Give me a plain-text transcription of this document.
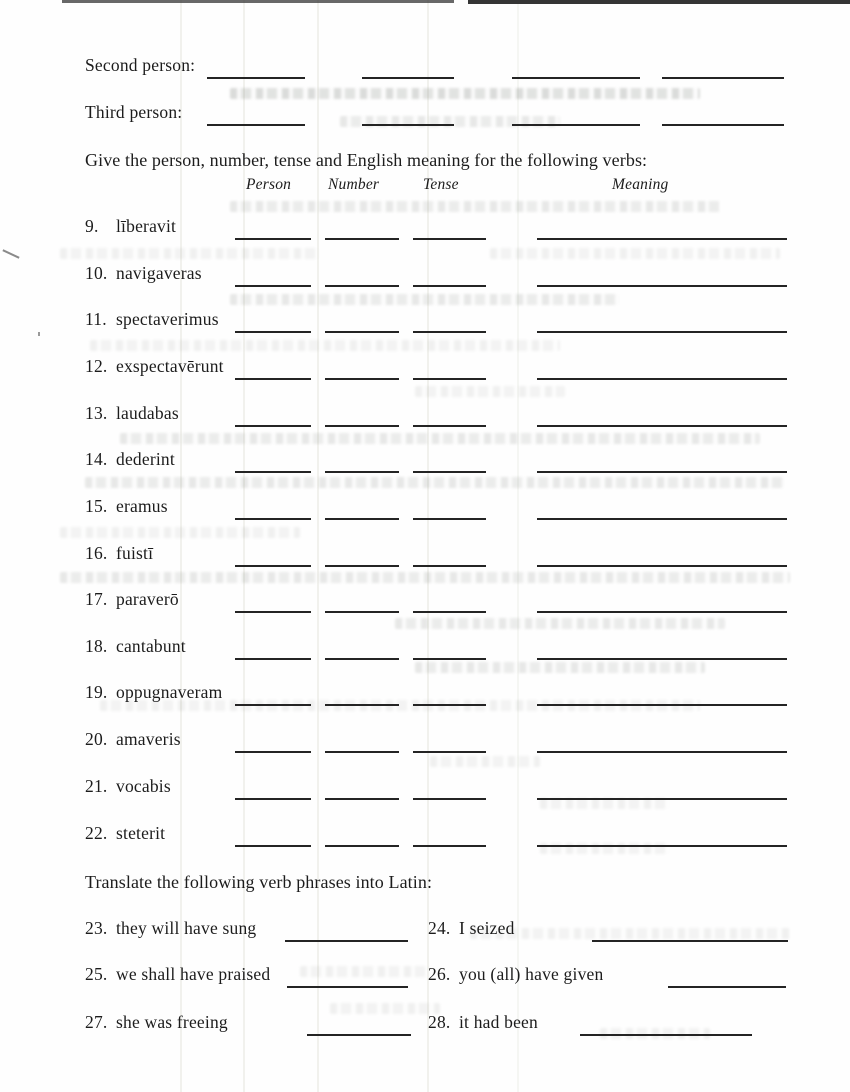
Second person:
Third person:
Give the person, number, tense and English meaning for the following verbs:
Person Number	Tense	Meaning
9. līberavit
10. navigaveras
11. spectaverimus
12. exspectavērunt
13. laudabas
14. dederint
15. eramus
16. fuistī
17. paraverō
18. cantabunt
19. oppugnaveram
20. amaveris
21. vocabis
22. steterit
Translate the following verb phrases into Latin:
23. they will have sung	24. I seized
25. we shall have praised	26. you (all) have given
27. she was freeing	28. it had been
